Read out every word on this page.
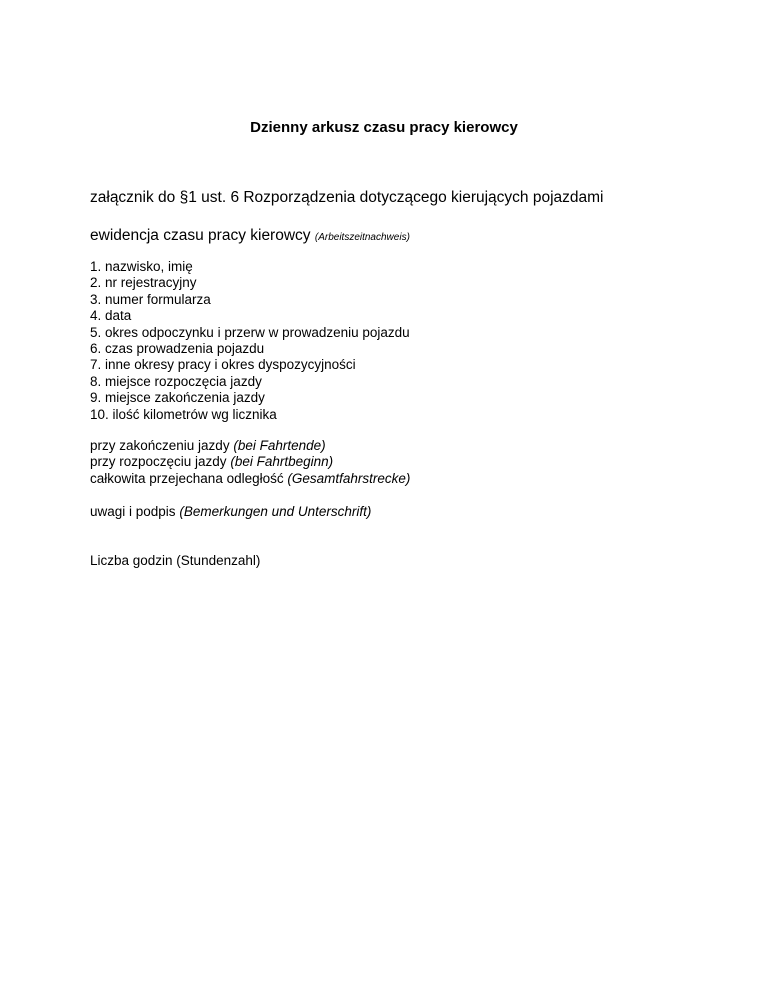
Dzienny arkusz czasu pracy kierowcy
załącznik do §1 ust. 6 Rozporządzenia dotyczącego kierujących pojazdami
ewidencja czasu pracy kierowcy (Arbeitszeitnachweis)
1. nazwisko, imię
2. nr rejestracyjny
3. numer formularza
4. data
5. okres odpoczynku i przerw w prowadzeniu pojazdu
6. czas prowadzenia pojazdu
7. inne okresy pracy i okres dyspozycyjności
8. miejsce rozpoczęcia jazdy
9. miejsce zakończenia jazdy
10. ilość kilometrów wg licznika
przy zakończeniu jazdy (bei Fahrtende)
przy rozpoczęciu jazdy (bei Fahrtbeginn)
całkowita przejechana odległość (Gesamtfahrstrecke)
uwagi i podpis (Bemerkungen und Unterschrift)
Liczba godzin (Stundenzahl)
